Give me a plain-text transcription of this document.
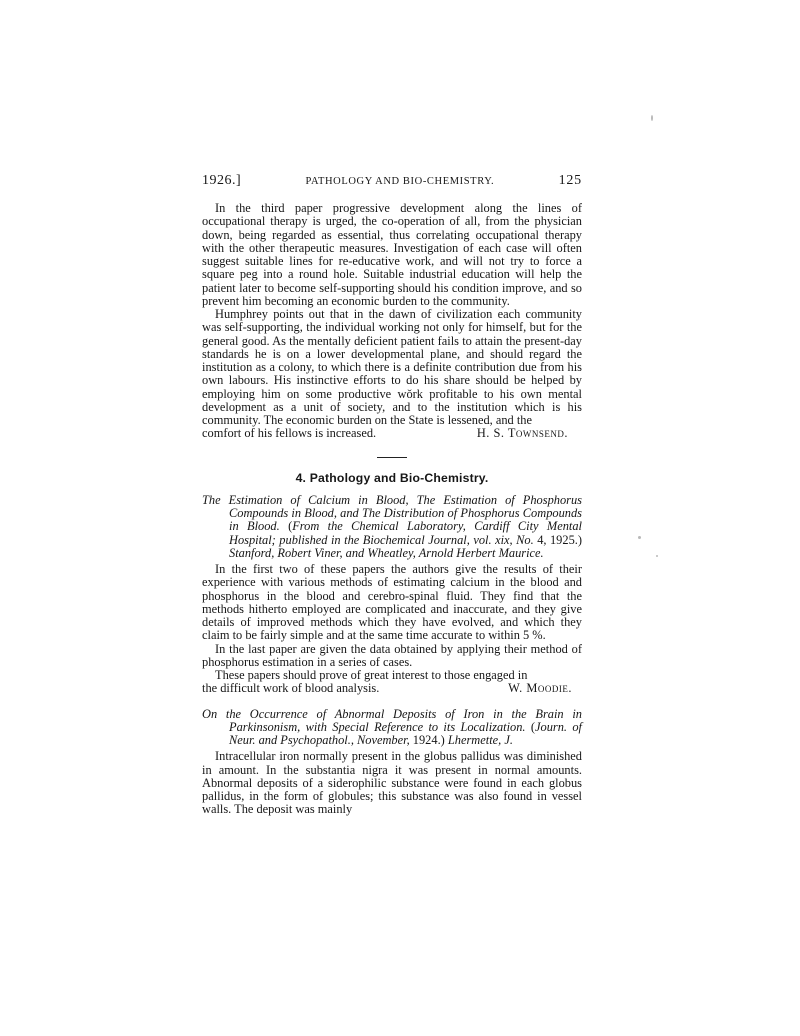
1926.]	PATHOLOGY AND BIO-CHEMISTRY.	125

In the third paper progressive development along the lines of occupational therapy is urged, the co-operation of all, from the physician down, being regarded as essential, thus correlating occupational therapy with the other therapeutic measures. Investigation of each case will often suggest suitable lines for re-educative work, and will not try to force a square peg into a round hole. Suitable industrial education will help the patient later to become self-supporting should his condition improve, and so prevent him becoming an economic burden to the community.

Humphrey points out that in the dawn of civilization each community was self-supporting, the individual working not only for himself, but for the general good. As the mentally deficient patient fails to attain the present-day standards he is on a lower developmental plane, and should regard the institution as a colony, to which there is a definite contribution due from his own labours. His instinctive efforts to do his share should be helped by employing him on some productive wǒrk profitable to his own mental development as a unit of society, and to the institution which is his community. The economic burden on the State is lessened, and the

comfort of his fellows is increased.	H. S. Townsend.
4. Pathology and Bio-Chemistry.
The Estimation of Calcium in Blood, The Estimation of Phosphorus Compounds in Blood, and The Distribution of Phosphorus Compounds in Blood. (From the Chemical Laboratory, Cardiff City Mental Hospital; published in the Biochemical Journal, vol. xix, No. 4, 1925.) Stanford, Robert Viner, and Wheatley, Arnold Herbert Maurice.

In the first two of these papers the authors give the results of their experience with various methods of estimating calcium in the blood and phosphorus in the blood and cerebro-spinal fluid. They find that the methods hitherto employed are complicated and inaccurate, and they give details of improved methods which they have evolved, and which they claim to be fairly simple and at the same time accurate to within 5 %.

In the last paper are given the data obtained by applying their method of phosphorus estimation in a series of cases.

These papers should prove of great interest to those engaged in

the difficult work of blood analysis.	W. Moodie.
On the Occurrence of Abnormal Deposits of Iron in the Brain in Parkinsonism, with Special Reference to its Localization. (Journ. of Neur. and Psychopathol., November, 1924.) Lhermette, J.

Intracellular iron normally present in the globus pallidus was diminished in amount. In the substantia nigra it was present in normal amounts. Abnormal deposits of a siderophilic substance were found in each globus pallidus, in the form of globules; this substance was also found in vessel walls. The deposit was mainly
